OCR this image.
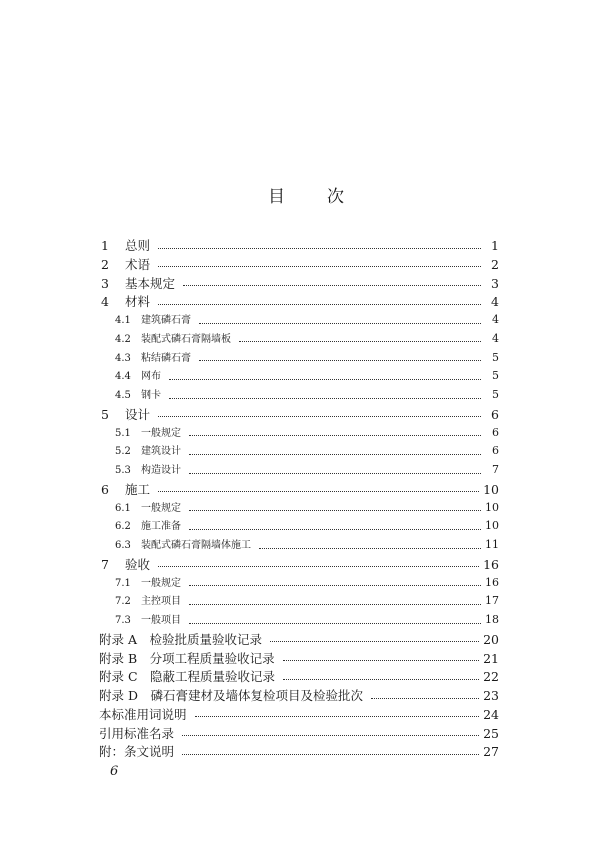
目 次
1	总则	1
2	术语	2
3	基本规定	3
4	材料	4
4.1	建筑磷石膏	4
4.2	装配式磷石膏隔墙板	4
4.3	粘结磷石膏	5
4.4	网布	5
4.5	钢卡	5
5	设计	6
5.1	一般规定	6
5.2	建筑设计	6
5.3	构造设计	7
6	施工	10
6.1	一般规定	10
6.2	施工准备	10
6.3	装配式磷石膏隔墙体施工	11
7	验收	16
7.1	一般规定	16
7.2	主控项目	17
7.3	一般项目	18
附录 A　检验批质量验收记录	20
附录 B　分项工程质量验收记录	21
附录 C　隐蔽工程质量验收记录	22
附录 D　磷石膏建材及墙体复检项目及检验批次	23
本标准用词说明	24
引用标准名录	25
附：条文说明	27
6
